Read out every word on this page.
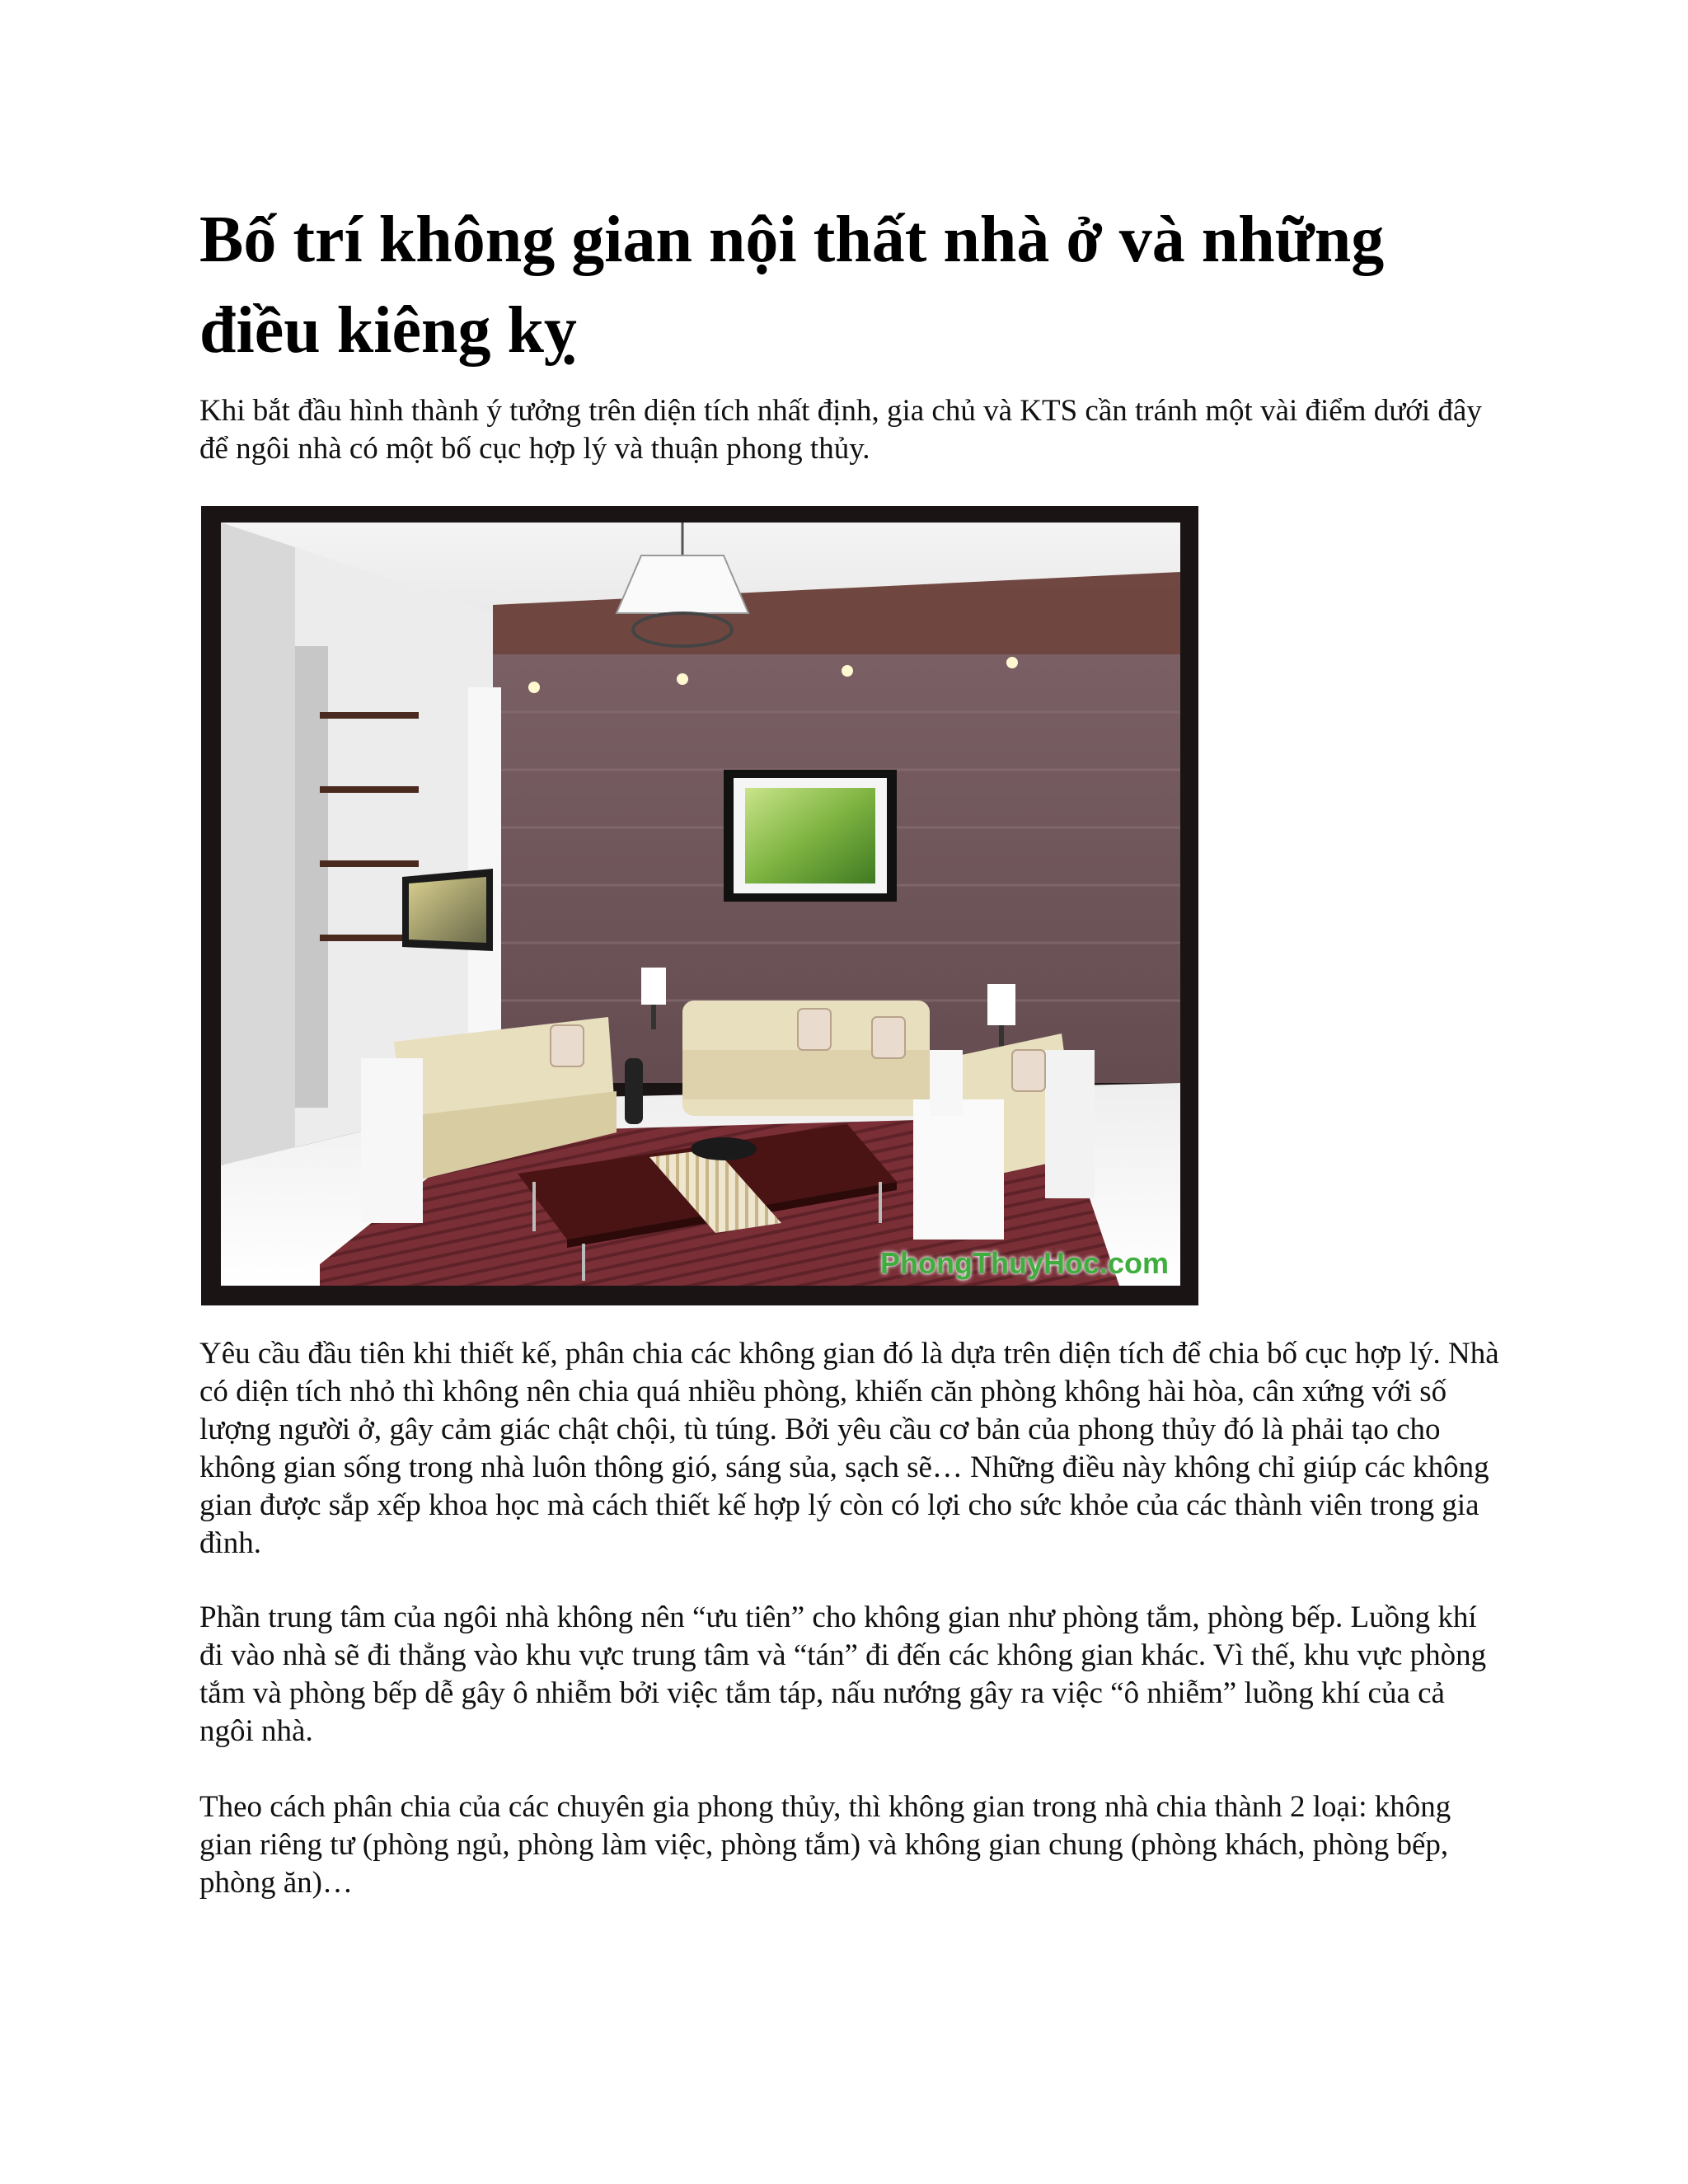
Bố trí không gian nội thất nhà ở và những điều kiêng kỵ

Khi bắt đầu hình thành ý tưởng trên diện tích nhất định, gia chủ và KTS cần tránh một vài điểm dưới đây để ngôi nhà có một bố cục hợp lý và thuận phong thủy.

PhongThuyHoc.com

Yêu cầu đầu tiên khi thiết kế, phân chia các không gian đó là dựa trên diện tích để chia bố cục hợp lý. Nhà có diện tích nhỏ thì không nên chia quá nhiều phòng, khiến căn phòng không hài hòa, cân xứng với số lượng người ở, gây cảm giác chật chội, tù túng. Bởi yêu cầu cơ bản của phong thủy đó là phải tạo cho không gian sống trong nhà luôn thông gió, sáng sủa, sạch sẽ… Những điều này không chỉ giúp các không gian được sắp xếp khoa học mà cách thiết kế hợp lý còn có lợi cho sức khỏe của các thành viên trong gia đình.

Phần trung tâm của ngôi nhà không nên “ưu tiên” cho không gian như phòng tắm, phòng bếp. Luồng khí đi vào nhà sẽ đi thẳng vào khu vực trung tâm và “tán” đi đến các không gian khác. Vì thế, khu vực phòng tắm và phòng bếp dễ gây ô nhiễm bởi việc tắm táp, nấu nướng gây ra việc “ô nhiễm” luồng khí của cả ngôi nhà.

Theo cách phân chia của các chuyên gia phong thủy, thì không gian trong nhà chia thành 2 loại: không gian riêng tư (phòng ngủ, phòng làm việc, phòng tắm) và không gian chung (phòng khách, phòng bếp, phòng ăn)…
